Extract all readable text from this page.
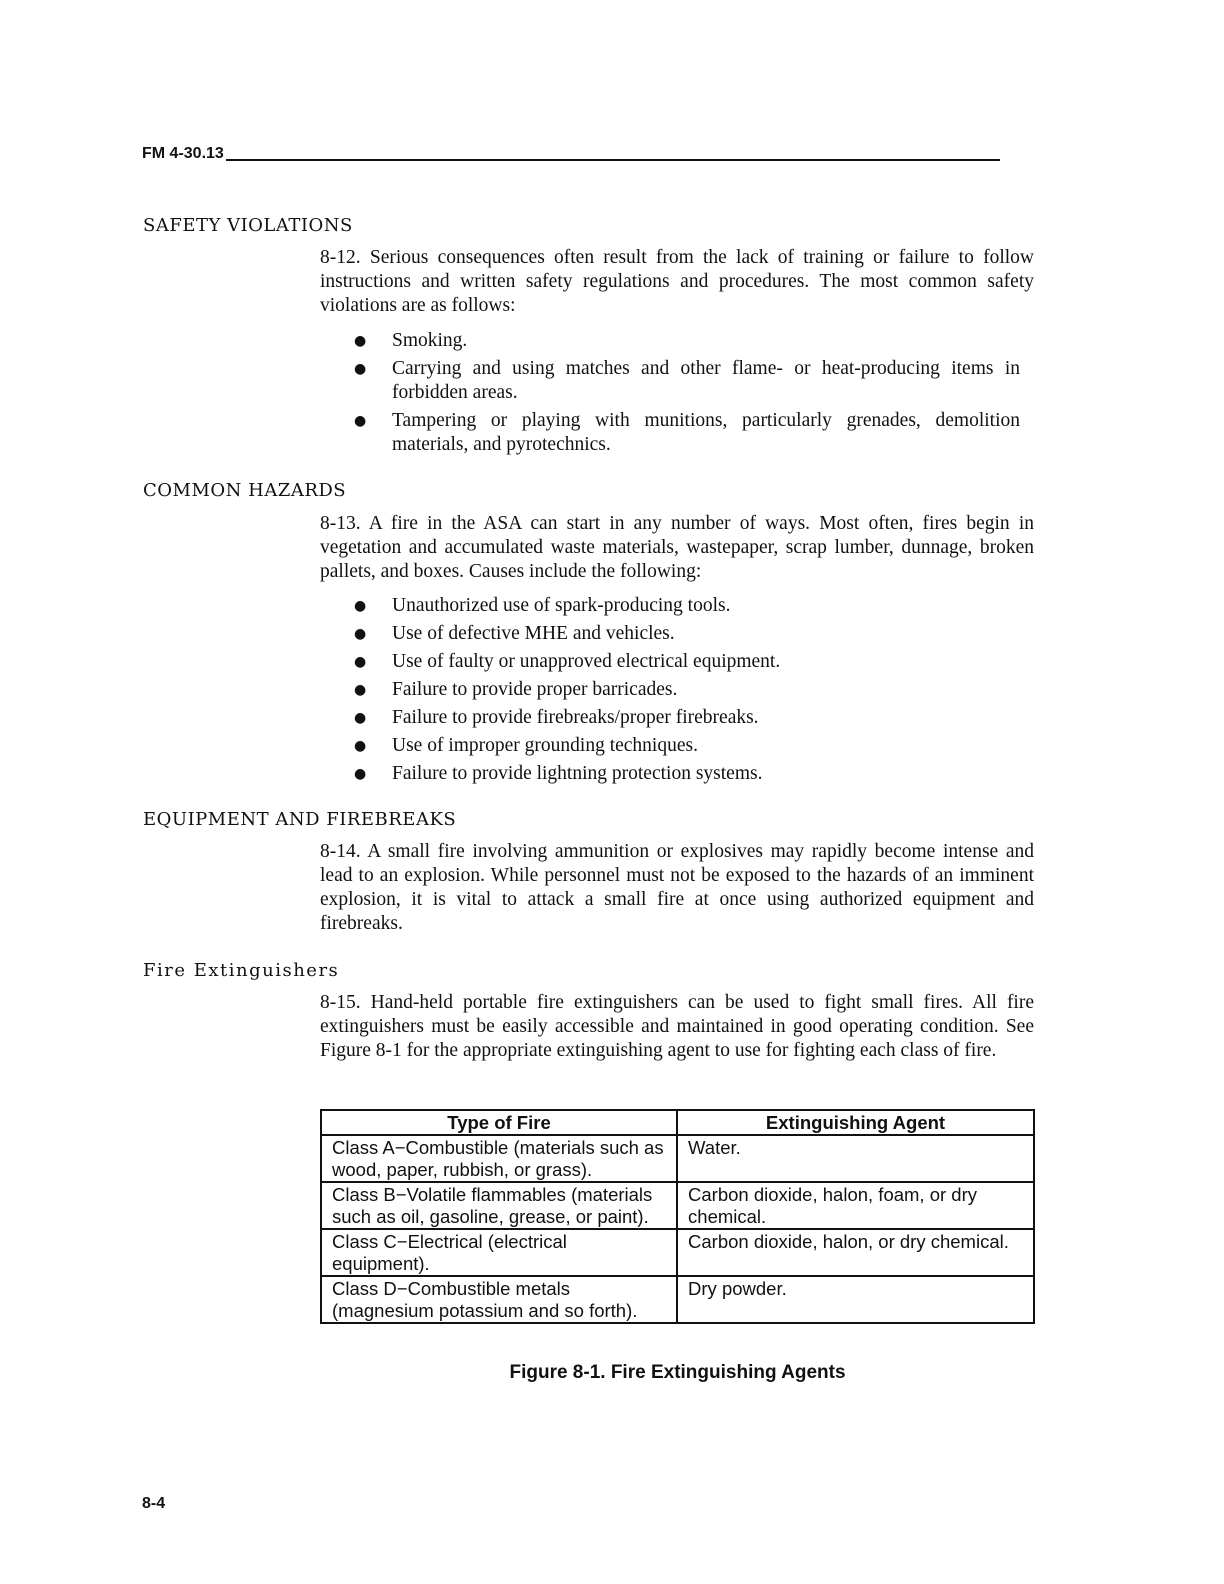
FM 4-30.13
SAFETY VIOLATIONS

8-12. Serious consequences often result from the lack of training or failure to follow instructions and written safety regulations and procedures. The most common safety violations are as follows:

● Smoking.
● Carrying and using matches and other flame- or heat-producing items in forbidden areas.
● Tampering or playing with munitions, particularly grenades, demolition materials, and pyrotechnics.
COMMON HAZARDS

8-13. A fire in the ASA can start in any number of ways. Most often, fires begin in vegetation and accumulated waste materials, wastepaper, scrap lumber, dunnage, broken pallets, and boxes. Causes include the following:

● Unauthorized use of spark-producing tools.
● Use of defective MHE and vehicles.
● Use of faulty or unapproved electrical equipment.
● Failure to provide proper barricades.
● Failure to provide firebreaks/proper firebreaks.
● Use of improper grounding techniques.
● Failure to provide lightning protection systems.
EQUIPMENT AND FIREBREAKS

8-14. A small fire involving ammunition or explosives may rapidly become intense and lead to an explosion. While personnel must not be exposed to the hazards of an imminent explosion, it is vital to attack a small fire at once using authorized equipment and firebreaks.

Fire Extinguishers

8-15. Hand-held portable fire extinguishers can be used to fight small fires. All fire extinguishers must be easily accessible and maintained in good operating condition. See Figure 8-1 for the appropriate extinguishing agent to use for fighting each class of fire.

Type of Fire	Extinguishing Agent
Class A−Combustible (materials such as wood, paper, rubbish, or grass).	Water.
Class B−Volatile flammables (materials such as oil, gasoline, grease, or paint).	Carbon dioxide, halon, foam, or dry chemical.
Class C−Electrical (electrical equipment).	Carbon dioxide, halon, or dry chemical.
Class D−Combustible metals (magnesium potassium and so forth).	Dry powder.
Figure 8-1. Fire Extinguishing Agents
8-4
